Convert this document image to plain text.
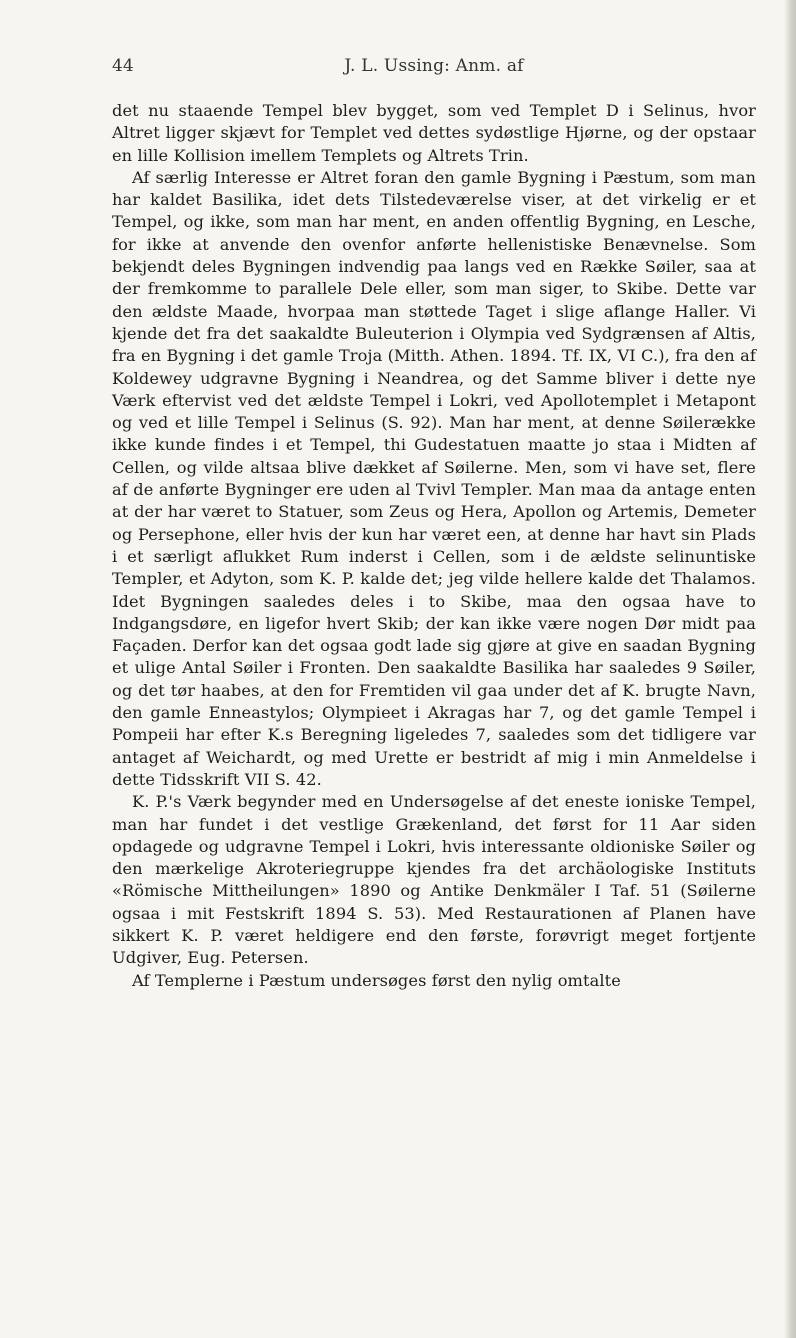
44	J. L. Ussing: Anm. af

det nu staaende Tempel blev bygget, som ved Templet D i Selinus, hvor Altret ligger skjævt for Templet ved dettes sydøstlige Hjørne, og der opstaar en lille Kollision imellem Templets og Altrets Trin.

Af særlig Interesse er Altret foran den gamle Bygning i Pæstum, som man har kaldet Basilika, idet dets Tilstedeværelse viser, at det virkelig er et Tempel, og ikke, som man har ment, en anden offentlig Bygning, en Lesche, for ikke at anvende den ovenfor anførte hellenistiske Benævnelse. Som bekjendt deles Bygningen indvendig paa langs ved en Række Søiler, saa at der fremkomme to parallele Dele eller, som man siger, to Skibe. Dette var den ældste Maade, hvorpaa man støttede Taget i slige aflange Haller. Vi kjende det fra det saakaldte Buleuterion i Olympia ved Sydgrænsen af Altis, fra en Bygning i det gamle Troja (Mitth. Athen. 1894. Tf. IX, VI C.), fra den af Koldewey udgravne Bygning i Neandrea, og det Samme bliver i dette nye Værk eftervist ved det ældste Tempel i Lokri, ved Apollotemplet i Metapont og ved et lille Tempel i Selinus (S. 92). Man har ment, at denne Søilerække ikke kunde findes i et Tempel, thi Gudestatuen maatte jo staa i Midten af Cellen, og vilde altsaa blive dækket af Søilerne. Men, som vi have set, flere af de anførte Bygninger ere uden al Tvivl Templer. Man maa da antage enten at der har været to Statuer, som Zeus og Hera, Apollon og Artemis, Demeter og Persephone, eller hvis der kun har været een, at denne har havt sin Plads i et særligt aflukket Rum inderst i Cellen, som i de ældste selinuntiske Templer, et Adyton, som K. P. kalde det; jeg vilde hellere kalde det Thalamos. Idet Bygningen saaledes deles i to Skibe, maa den ogsaa have to Indgangsdøre, en ligefor hvert Skib; der kan ikke være nogen Dør midt paa Façaden. Derfor kan det ogsaa godt lade sig gjøre at give en saadan Bygning et ulige Antal Søiler i Fronten. Den saakaldte Basilika har saaledes 9 Søiler, og det tør haabes, at den for Fremtiden vil gaa under det af K. brugte Navn, den gamle Enneastylos; Olympieet i Akragas har 7, og det gamle Tempel i Pompeii har efter K.s Beregning ligeledes 7, saaledes som det tidligere var antaget af Weichardt, og med Urette er bestridt af mig i min Anmeldelse i dette Tidsskrift VII S. 42.

K. P.'s Værk begynder med en Undersøgelse af det eneste ioniske Tempel, man har fundet i det vestlige Grækenland, det først for 11 Aar siden opdagede og udgravne Tempel i Lokri, hvis interessante oldioniske Søiler og den mærkelige Akroteriegruppe kjendes fra det archäologiske Instituts «Römische Mittheilungen» 1890 og Antike Denkmäler I Taf. 51 (Søilerne ogsaa i mit Festskrift 1894 S. 53). Med Restaurationen af Planen have sikkert K. P. været heldigere end den første, forøvrigt meget fortjente Udgiver, Eug. Petersen.

Af Templerne i Pæstum undersøges først den nylig omtalte
